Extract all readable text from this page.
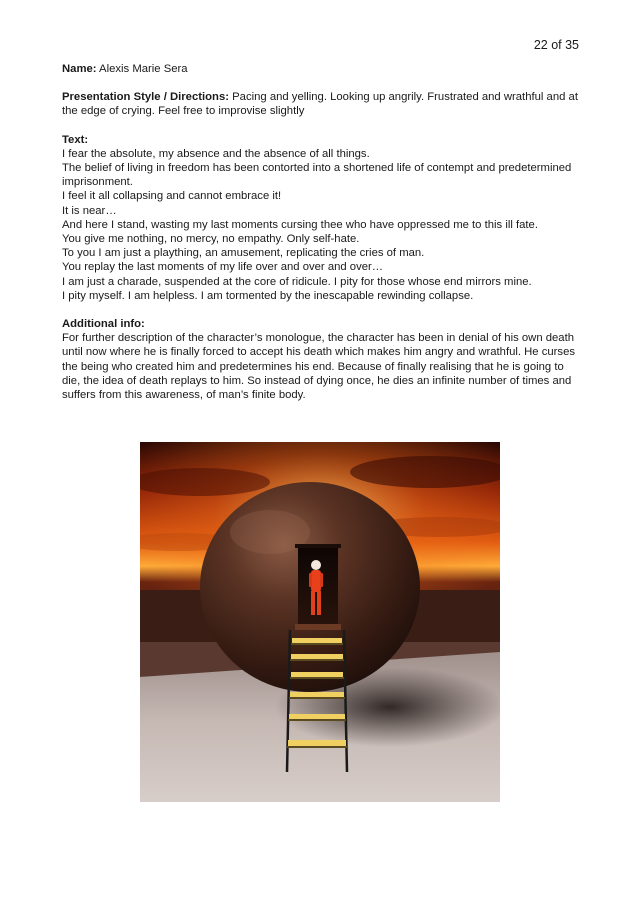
22 of 35

Name: Alexis Marie Sera

Presentation Style / Directions: Pacing and yelling. Looking up angrily. Frustrated and wrathful and at the edge of crying. Feel free to improvise slightly

Text:

I fear the absolute, my absence and the absence of all things.
The belief of living in freedom has been contorted into a shortened life of contempt and predetermined imprisonment.
I feel it all collapsing and cannot embrace it!
It is near…
And here I stand, wasting my last moments cursing thee who have oppressed me to this ill fate.
You give me nothing, no mercy, no empathy. Only self-hate.
To you I am just a plaything, an amusement, replicating the cries of man.
You replay the last moments of my life over and over and over…
I am just a charade, suspended at the core of ridicule. I pity for those whose end mirrors mine.
I pity myself. I am helpless. I am tormented by the inescapable rewinding collapse.

Additional info:

For further description of the character’s monologue, the character has been in denial of his own death until now where he is finally forced to accept his death which makes him angry and wrathful. He curses the being who created him and predetermines his end. Because of finally realising that he is going to die, the idea of death replays to him. So instead of dying once, he dies an infinite number of times and suffers from this awareness, of man’s finite body.
